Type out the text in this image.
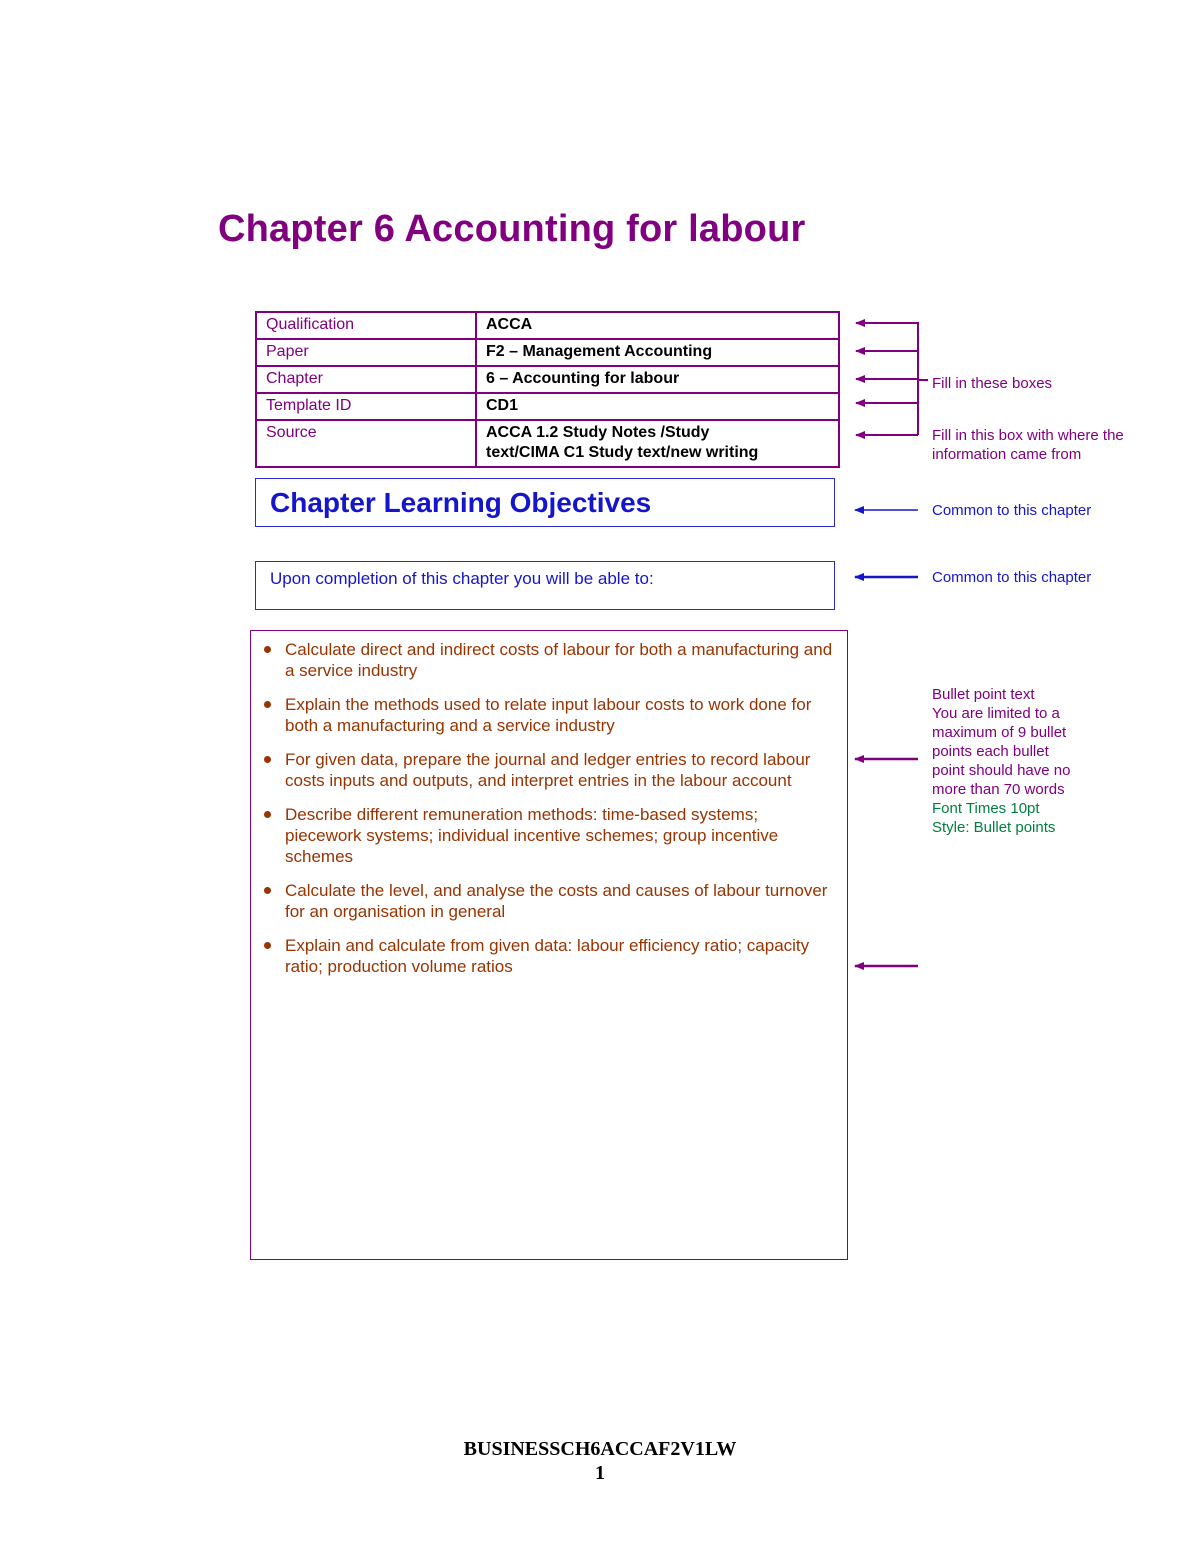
Chapter 6 Accounting for labour
Qualification	ACCA
Paper	F2 – Management Accounting
Chapter	6 – Accounting for labour
Template ID	CD1
Source	ACCA 1.2 Study Notes /Study
text/CIMA C1 Study text/new writing
Chapter Learning Objectives
Upon completion of this chapter you will be able to:
Calculate direct and indirect costs of labour for both a manufacturing and a service industry
Explain the methods used to relate input labour costs to work done for both a manufacturing and a service industry
For given data, prepare the journal and ledger entries to record labour costs inputs and outputs, and interpret entries in the labour account
Describe different remuneration methods: time-based systems; piecework systems; individual incentive schemes; group incentive schemes
Calculate the level, and analyse the costs and causes of labour turnover for an organisation in general
Explain and calculate from given data: labour efficiency ratio; capacity ratio; production volume ratios
Fill in these boxes
Fill in this box with where the
information came from
Common to this chapter
Common to this chapter
Bullet point text
You are limited to a
maximum of 9 bullet
points each bullet
point should have no
more than 70 words
Font Times 10pt
Style: Bullet points
BUSINESSCH6ACCAF2V1LW
1
